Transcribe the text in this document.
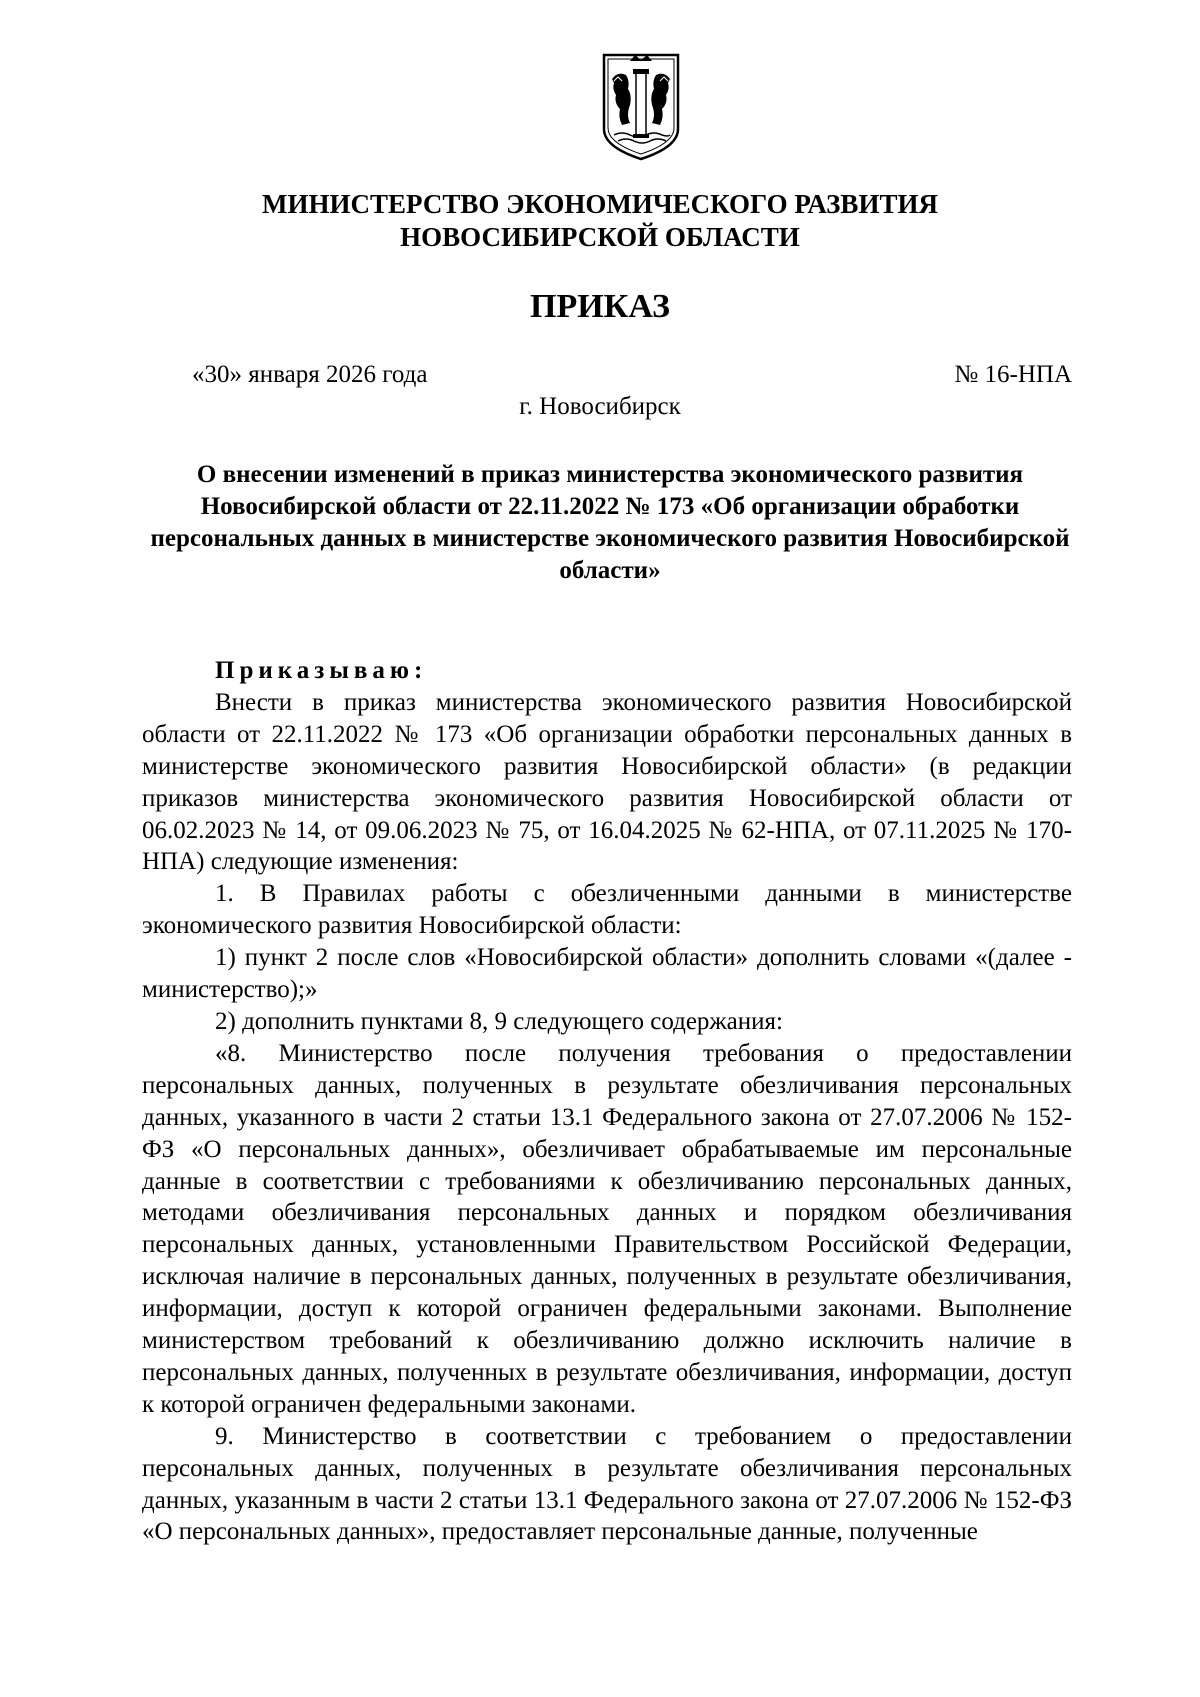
МИНИСТЕРСТВО ЭКОНОМИЧЕСКОГО РАЗВИТИЯ
НОВОСИБИРСКОЙ ОБЛАСТИ
ПРИКАЗ
«30» января 2026 года	№ 16-НПА
г. Новосибирск
О внесении изменений в приказ министерства экономического развития Новосибирской области от 22.11.2022 № 173 «Об организации обработки персональных данных в министерстве экономического развития Новосибирской области»
Приказываю:

Внести в приказ министерства экономического развития Новосибирской области от 22.11.2022 № 173 «Об организации обработки персональных данных в министерстве экономического развития Новосибирской области» (в редакции приказов министерства экономического развития Новосибирской области от 06.02.2023 № 14, от 09.06.2023 № 75, от 16.04.2025 № 62-НПА, от 07.11.2025 № 170-НПА) следующие изменения:

1. В Правилах работы с обезличенными данными в министерстве экономического развития Новосибирской области:

1) пункт 2 после слов «Новосибирской области» дополнить словами «(далее - министерство);»

2) дополнить пунктами 8, 9 следующего содержания:

«8. Министерство после получения требования о предоставлении персональных данных, полученных в результате обезличивания персональных данных, указанного в части 2 статьи 13.1 Федерального закона от 27.07.2006 № 152-ФЗ «О персональных данных», обезличивает обрабатываемые им персональные данные в соответствии с требованиями к обезличиванию персональных данных, методами обезличивания персональных данных и порядком обезличивания персональных данных, установленными Правительством Российской Федерации, исключая наличие в персональных данных, полученных в результате обезличивания, информации, доступ к которой ограничен федеральными законами. Выполнение министерством требований к обезличиванию должно исключить наличие в персональных данных, полученных в результате обезличивания, информации, доступ к которой ограничен федеральными законами.

9. Министерство в соответствии с требованием о предоставлении персональных данных, полученных в результате обезличивания персональных данных, указанным в части 2 статьи 13.1 Федерального закона от 27.07.2006 № 152-ФЗ «О персональных данных», предоставляет персональные данные, полученные
